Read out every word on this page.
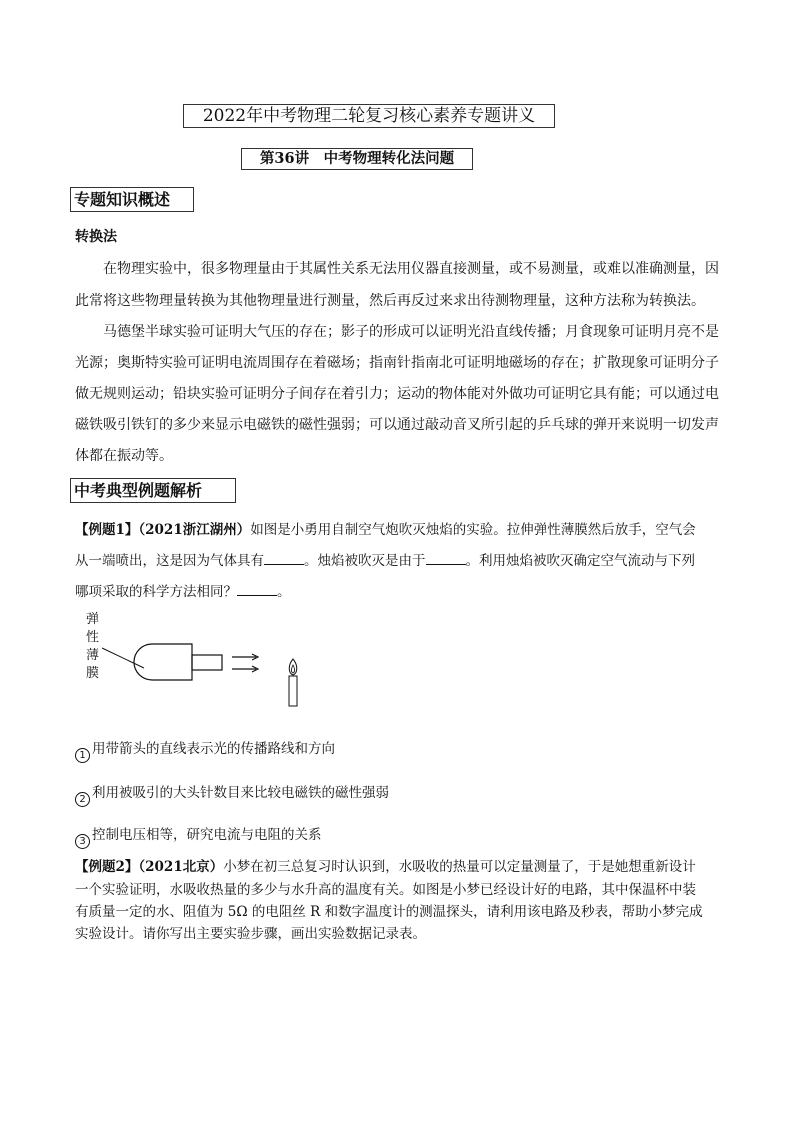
2022年中考物理二轮复习核心素养专题讲义
第36讲　中考物理转化法问题
专题知识概述
转换法
　　在物理实验中，很多物理量由于其属性关系无法用仪器直接测量，或不易测量，或难以准确测量，因
此常将这些物理量转换为其他物理量进行测量，然后再反过来求出待测物理量，这种方法称为转换法。
　　马德堡半球实验可证明大气压的存在；影子的形成可以证明光沿直线传播；月食现象可证明月亮不是
光源；奥斯特实验可证明电流周围存在着磁场；指南针指南北可证明地磁场的存在；扩散现象可证明分子
做无规则运动；铅块实验可证明分子间存在着引力；运动的物体能对外做功可证明它具有能；可以通过电
磁铁吸引铁钉的多少来显示电磁铁的磁性强弱；可以通过敲动音叉所引起的乒乓球的弹开来说明一切发声
体都在振动等。
中考典型例题解析
【例题1】（2021浙江湖州）如图是小勇用自制空气炮吹灭烛焰的实验。拉伸弹性薄膜然后放手，空气会
从一端喷出，这是因为气体具有	。烛焰被吹灭是由于	。利用烛焰被吹灭确定空气流动与下列
哪项采取的科学方法相同？	。
弹
性
薄
膜
1 用带箭头的直线表示光的传播路线和方向
2 利用被吸引的大头针数目来比较电磁铁的磁性强弱
3 控制电压相等，研究电流与电阻的关系
【例题2】（2021北京）小梦在初三总复习时认识到，水吸收的热量可以定量测量了，于是她想重新设计
一个实验证明，水吸收热量的多少与水升高的温度有关。如图是小梦已经设计好的电路，其中保温杯中装
有质量一定的水、阻值为 5Ω 的电阻丝 R 和数字温度计的测温探头，请利用该电路及秒表，帮助小梦完成
实验设计。请你写出主要实验步骤，画出实验数据记录表。
